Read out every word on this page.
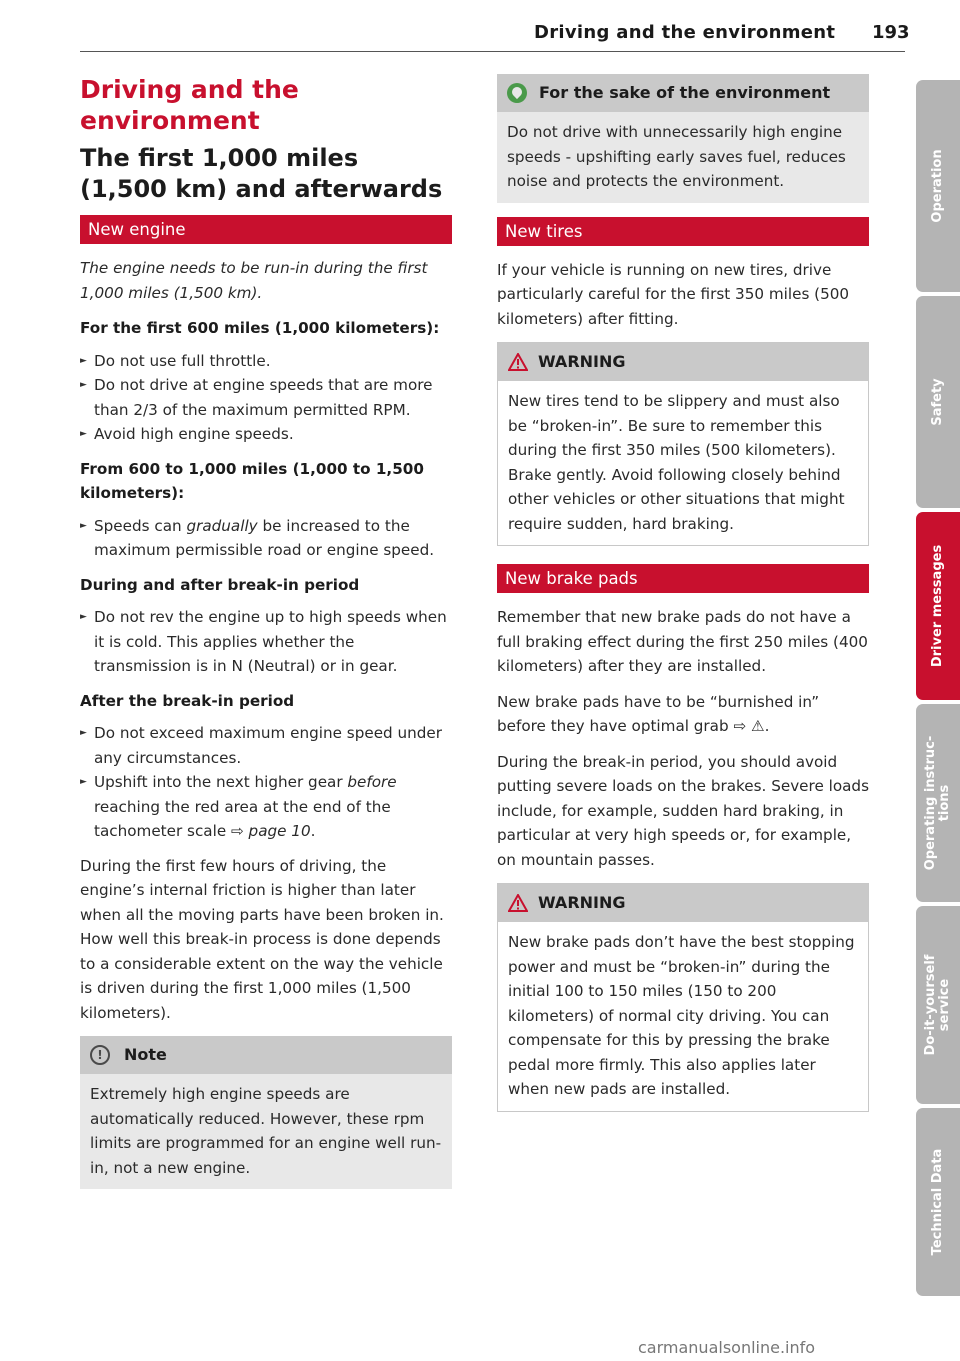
Driving and the environment 193
Driving and the environment
The first 1,000 miles (1,500 km) and afterwards
New engine

The engine needs to be run-in during the first 1,000 miles (1,500 km).

For the first 600 miles (1,000 kilometers):
► Do not use full throttle.
► Do not drive at engine speeds that are more than 2/3 of the maximum permitted RPM.
► Avoid high engine speeds.
From 600 to 1,000 miles (1,000 to 1,500 kilometers):
► Speeds can gradually be increased to the maximum permissible road or engine speed.
During and after break-in period
► Do not rev the engine up to high speeds when it is cold. This applies whether the transmission is in N (Neutral) or in gear.
After the break-in period
► Do not exceed maximum engine speed under any circumstances.
► Upshift into the next higher gear before reaching the red area at the end of the tachometer scale ⇨ page 10.

During the first few hours of driving, the engine’s internal friction is higher than later when all the moving parts have been broken in. How well this break-in process is done depends to a considerable extent on the way the vehicle is driven during the first 1,000 miles (1,500 kilometers).

!	Note
Extremely high engine speeds are automatically reduced. However, these rpm limits are programmed for an engine well run-in, not a new engine.
For the sake of the environment
Do not drive with unnecessarily high engine speeds - upshifting early saves fuel, reduces noise and protects the environment.
New tires

If your vehicle is running on new tires, drive particularly careful for the first 350 miles (500 kilometers) after fitting.

WARNING
New tires tend to be slippery and must also be “broken-in”. Be sure to remember this during the first 350 miles (500 kilometers). Brake gently. Avoid following closely behind other vehicles or other situations that might require sudden, hard braking.
New brake pads

Remember that new brake pads do not have a full braking effect during the first 250 miles (400 kilometers) after they are installed.

New brake pads have to be “burnished in” before they have optimal grab ⇨ ⚠.

During the break-in period, you should avoid putting severe loads on the brakes. Severe loads include, for example, sudden hard braking, in particular at very high speeds or, for example, on mountain passes.

WARNING
New brake pads don’t have the best stopping power and must be “broken-in” during the initial 100 to 150 miles (150 to 200 kilometers) of normal city driving. You can compensate for this by pressing the brake pedal more firmly. This also applies later when new pads are installed.
Operation
Safety
Driver messages
Operating instruc- tions
Do-it-yourself service
Technical Data
carmanualsonline.info
